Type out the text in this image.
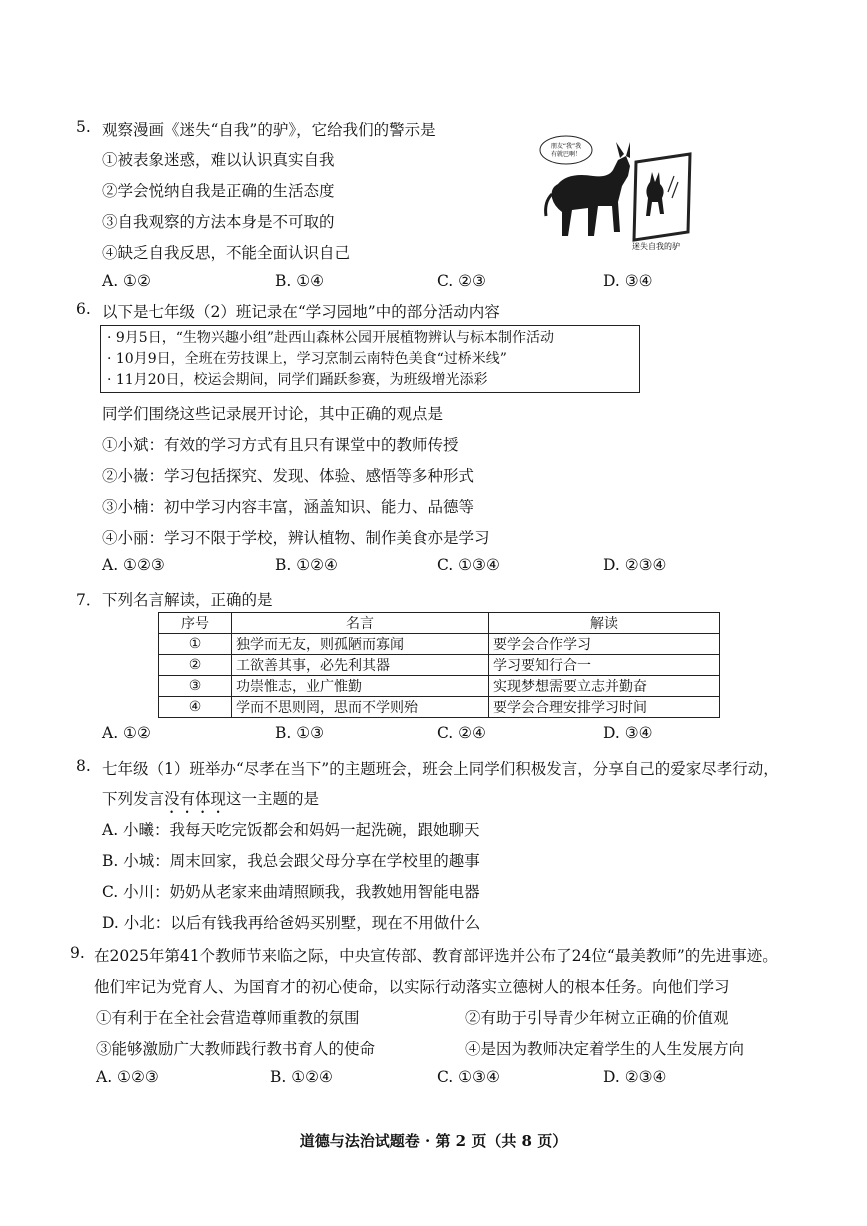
5. 观察漫画《迷失“自我”的驴》，它给我们的警示是
①被表象迷惑，难以认识真实自我
②学会悦纳自我是正确的生活态度
③自我观察的方法本身是不可取的
④缺乏自我反思，不能全面认识自己
A. ①②	B. ①④	C. ②③	D. ③④
朋友“我”我
有就巴啊！
迷失自我的驴
6. 以下是七年级（2）班记录在“学习园地”中的部分活动内容
· 9月5日，“生物兴趣小组”赴西山森林公园开展植物辨认与标本制作活动
· 10月9日，全班在劳技课上，学习烹制云南特色美食“过桥米线”
· 11月20日，校运会期间，同学们踊跃参赛，为班级增光添彩
同学们围绕这些记录展开讨论，其中正确的观点是
①小斌：有效的学习方式有且只有课堂中的教师传授
②小嶶：学习包括探究、发现、体验、感悟等多种形式
③小楠：初中学习内容丰富，涵盖知识、能力、品德等
④小丽：学习不限于学校，辨认植物、制作美食亦是学习
A. ①②③	B. ①②④	C. ①③④	D. ②③④
7． 下列名言解读，正确的是
序号	名言	解读
①	独学而无友，则孤陋而寡闻	要学会合作学习
②	工欲善其事，必先利其器	学习要知行合一
③	功崇惟志，业广惟勤	实现梦想需要立志并勤奋
④	学而不思则罔，思而不学则殆	要学会合理安排学习时间
A. ①②	B. ①③	C. ②④	D. ③④
8. 七年级（1）班举办“尽孝在当下”的主题班会，班会上同学们积极发言，分享自己的爱家尽孝行动，
下列发言没有体现这一主题的是
A. 小曦：我每天吃完饭都会和妈妈一起洗碗，跟她聊天
B. 小城：周末回家，我总会跟父母分享在学校里的趣事
C. 小川：奶奶从老家来曲靖照顾我，我教她用智能电器
D. 小北：以后有钱我再给爸妈买别墅，现在不用做什么
9. 在2025年第41个教师节来临之际，中央宣传部、教育部评选并公布了24位“最美教师”的先进事迹。
他们牢记为党育人、为国育才的初心使命，以实际行动落实立德树人的根本任务。向他们学习
①有利于在全社会营造尊师重教的氛围	②有助于引导青少年树立正确的价值观
③能够激励广大教师践行教书育人的使命	④是因为教师决定着学生的人生发展方向
A. ①②③	B. ①②④	C. ①③④	D. ②③④
道德与法治试题卷 · 第 2 页（共 8 页）
